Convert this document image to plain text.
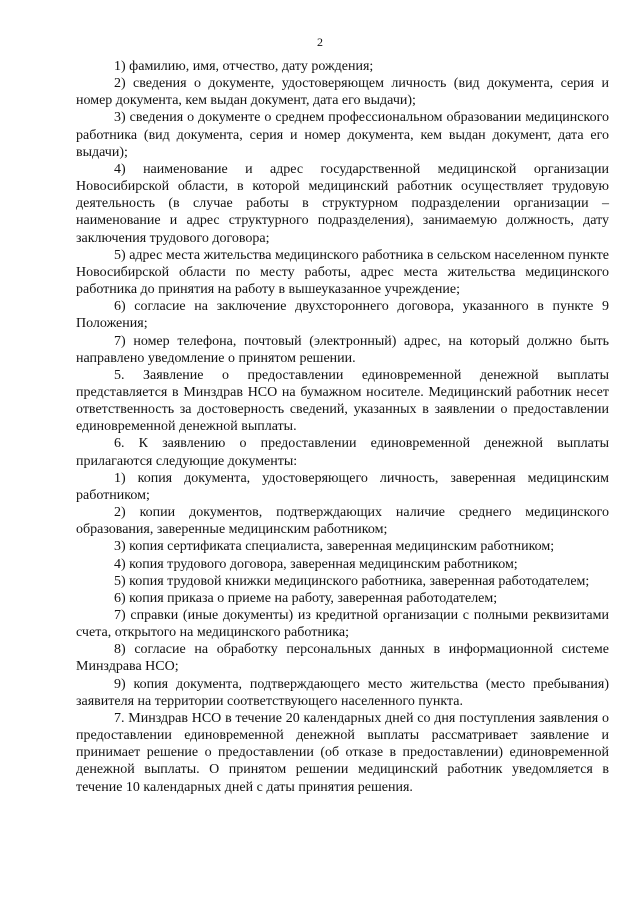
2

1) фамилию, имя, отчество, дату рождения;

2) сведения о документе, удостоверяющем личность (вид документа, серия и номер документа, кем выдан документ, дата его выдачи);

3) сведения о документе о среднем профессиональном образовании медицинского работника (вид документа, серия и номер документа, кем выдан документ, дата его выдачи);

4) наименование и адрес государственной медицинской организации Новосибирской области, в которой медицинский работник осуществляет трудовую деятельность (в случае работы в структурном подразделении организации – наименование и адрес структурного подразделения), занимаемую должность, дату заключения трудового договора;

5) адрес места жительства медицинского работника в сельском населенном пункте Новосибирской области по месту работы, адрес места жительства медицинского работника до принятия на работу в вышеуказанное учреждение;

6) согласие на заключение двухстороннего договора, указанного в пункте 9 Положения;

7) номер телефона, почтовый (электронный) адрес, на который должно быть направлено уведомление о принятом решении.

5. Заявление о предоставлении единовременной денежной выплаты представляется в Минздрав НСО на бумажном носителе. Медицинский работник несет ответственность за достоверность сведений, указанных в заявлении о предоставлении единовременной денежной выплаты.

6. К заявлению о предоставлении единовременной денежной выплаты прилагаются следующие документы:

1) копия документа, удостоверяющего личность, заверенная медицинским работником;

2) копии документов, подтверждающих наличие среднего медицинского образования, заверенные медицинским работником;

3) копия сертификата специалиста, заверенная медицинским работником;

4) копия трудового договора, заверенная медицинским работником;

5) копия трудовой книжки медицинского работника, заверенная работодателем;

6) копия приказа о приеме на работу, заверенная работодателем;

7) справки (иные документы) из кредитной организации с полными реквизитами счета, открытого на медицинского работника;

8) согласие на обработку персональных данных в информационной системе Минздрава НСО;

9) копия документа, подтверждающего место жительства (место пребывания) заявителя на территории соответствующего населенного пункта.

7. Минздрав НСО в течение 20 календарных дней со дня поступления заявления о предоставлении единовременной денежной выплаты рассматривает заявление и принимает решение о предоставлении (об отказе в предоставлении) единовременной денежной выплаты. О принятом решении медицинский работник уведомляется в течение 10 календарных дней с даты принятия решения.
